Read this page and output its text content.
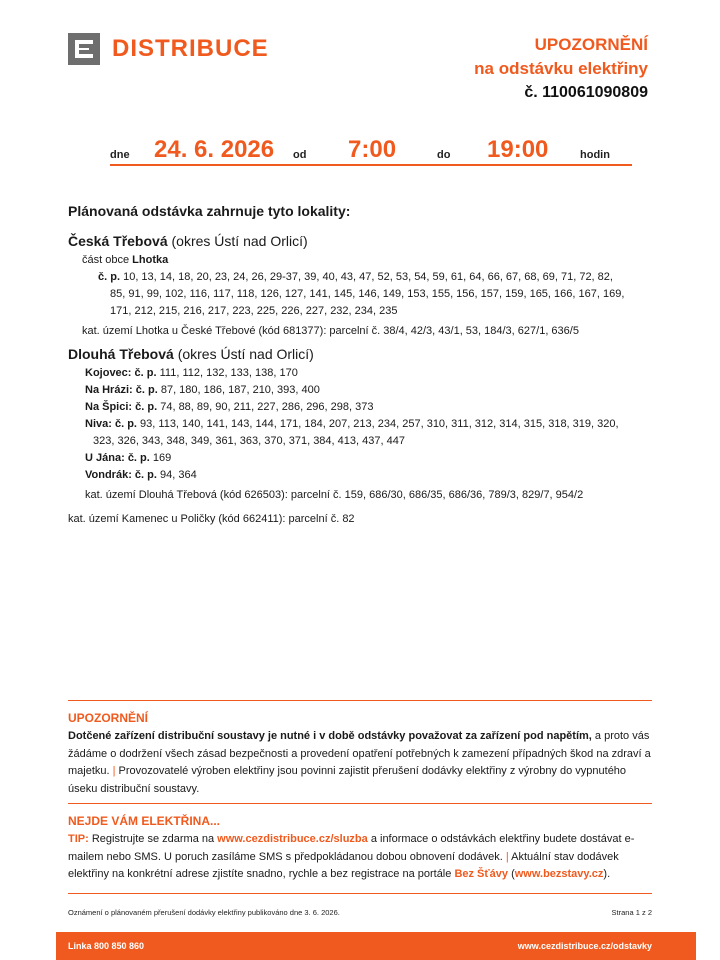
DISTRIBUCE	UPOZORNĚNÍ
na odstávku elektřiny
č. 110061090809
dne 24. 6. 2026 od 7:00	do 19:00	hodin
Plánovaná odstávka zahrnuje tyto lokality:
Česká Třebová (okres Ústí nad Orlicí)
část obce Lhotka
č. p. 10, 13, 14, 18, 20, 23, 24, 26, 29-37, 39, 40, 43, 47, 52, 53, 54, 59, 61, 64, 66, 67, 68, 69, 71, 72, 82,
85, 91, 99, 102, 116, 117, 118, 126, 127, 141, 145, 146, 149, 153, 155, 156, 157, 159, 165, 166, 167, 169,
171, 212, 215, 216, 217, 223, 225, 226, 227, 232, 234, 235
kat. území Lhotka u České Třebové (kód 681377): parcelní č. 38/4, 42/3, 43/1, 53, 184/3, 627/1, 636/5
Dlouhá Třebová (okres Ústí nad Orlicí)
Kojovec: č. p. 111, 112, 132, 133, 138, 170
Na Hrázi: č. p. 87, 180, 186, 187, 210, 393, 400
Na Špici: č. p. 74, 88, 89, 90, 211, 227, 286, 296, 298, 373
Niva: č. p. 93, 113, 140, 141, 143, 144, 171, 184, 207, 213, 234, 257, 310, 311, 312, 314, 315, 318, 319, 320,
323, 326, 343, 348, 349, 361, 363, 370, 371, 384, 413, 437, 447
U Jána: č. p. 169
Vondrák: č. p. 94, 364
kat. území Dlouhá Třebová (kód 626503): parcelní č. 159, 686/30, 686/35, 686/36, 789/3, 829/7, 954/2
kat. území Kamenec u Poličky (kód 662411): parcelní č. 82
UPOZORNĚNÍ
Dotčené zařízení distribuční soustavy je nutné i v době odstávky považovat za zařízení pod napětím, a proto vás žádáme o dodržení všech zásad bezpečnosti a provedení opatření potřebných k zamezení případných škod na zdraví a majetku. | Provozovatelé výroben elektřiny jsou povinni zajistit přerušení dodávky elektřiny z výrobny do vypnutého úseku distribuční soustavy.
NEJDE VÁM ELEKTŘINA...
TIP: Registrujte se zdarma na www.cezdistribuce.cz/sluzba a informace o odstávkách elektřiny budete dostávat e-mailem nebo SMS. U poruch zasíláme SMS s předpokládanou dobou obnovení dodávek. | Aktuální stav dodávek elektřiny na konkrétní adrese zjistíte snadno, rychle a bez registrace na portále Bez Šťávy (www.bezstavy.cz).
Oznámení o plánovaném přerušení dodávky elektřiny publikováno dne 3. 6. 2026.	Strana 1 z 2
Linka 800 850 860	www.cezdistribuce.cz/odstavky
